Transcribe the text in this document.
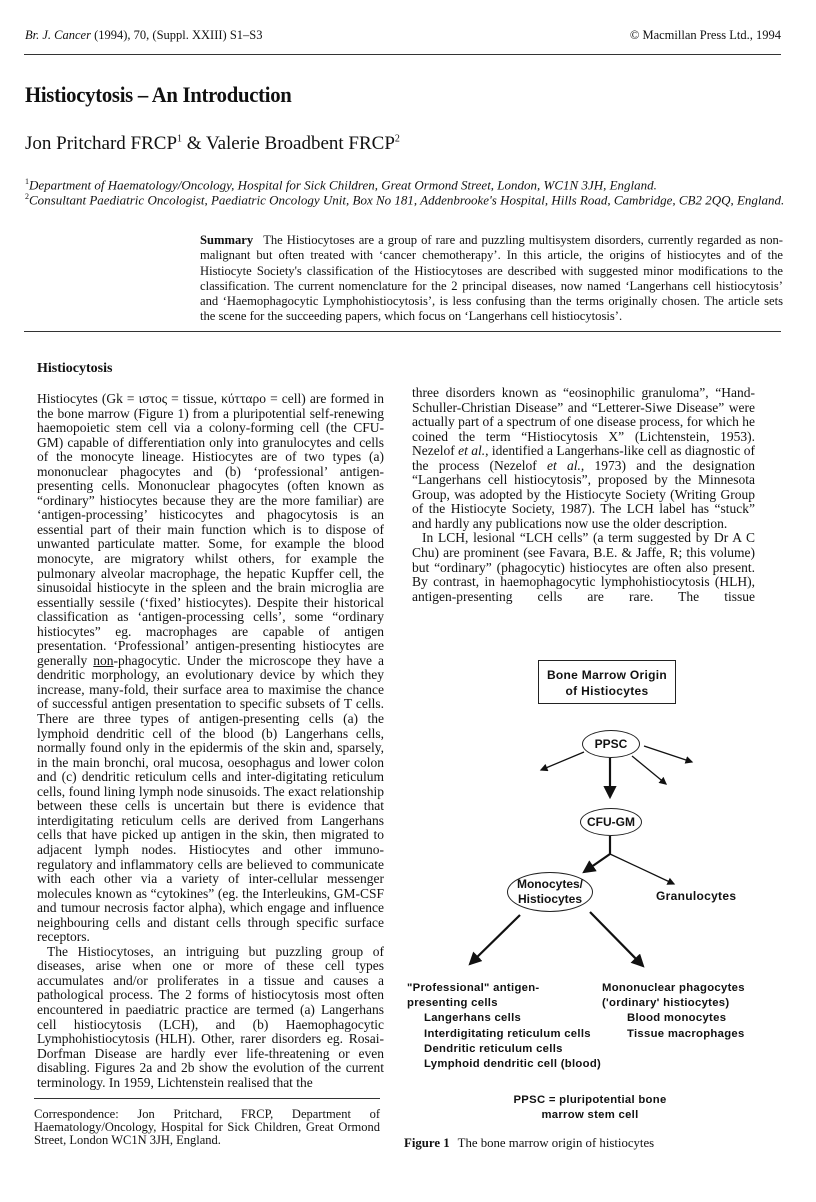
Br. J. Cancer (1994), 70, (Suppl. XXIII) S1–S3	© Macmillan Press Ltd., 1994
Histiocytosis – An Introduction
Jon Pritchard FRCP$^1$ & Valerie Broadbent FRCP$^2$
$^1$Department of Haematology/Oncology, Hospital for Sick Children, Great Ormond Street, London, WC1N 3JH, England.
$^2$Consultant Paediatric Oncologist, Paediatric Oncology Unit, Box No 181, Addenbrooke's Hospital, Hills Road, Cambridge, CB2 2QQ, England.
Summary The Histiocytoses are a group of rare and puzzling multisystem disorders, currently regarded as non-malignant but often treated with ‘cancer chemotherapy’. In this article, the origins of histiocytes and of the Histiocyte Society's classification of the Histiocytoses are described with suggested minor modifications to the classification. The current nomenclature for the 2 principal diseases, now named ‘Langerhans cell histiocytosis’ and ‘Haemophagocytic Lymphohistiocytosis’, is less confusing than the terms originally chosen. The article sets the scene for the succeeding papers, which focus on ‘Langerhans cell histiocytosis’.
Histiocytosis

Histiocytes (Gk = ιστος = tissue, κύτταρο = cell) are formed in the bone marrow (Figure 1) from a pluripotential self-renewing haemopoietic stem cell via a colony-forming cell (the CFU-GM) capable of differentiation only into granulocytes and cells of the monocyte lineage. Histiocytes are of two types (a) mononuclear phagocytes and (b) ‘professional’ antigen-presenting cells. Mononuclear phagocytes (often known as “ordinary” histiocytes because they are the more familiar) are ‘antigen-processing’ histicocytes and phagocytosis is an essential part of their main function which is to dispose of unwanted particulate matter. Some, for example the blood monocyte, are migratory whilst others, for example the pulmonary alveolar macrophage, the hepatic Kupffer cell, the sinusoidal histiocyte in the spleen and the brain microglia are essentially sessile (‘fixed’ histiocytes). Despite their historical classification as ‘antigen-processing cells’, some “ordinary histiocytes” eg. macrophages are capable of antigen presentation. ‘Professional’ antigen-presenting histiocytes are generally non-phagocytic. Under the microscope they have a dendritic morphology, an evolutionary device by which they increase, many-fold, their surface area to maximise the chance of successful antigen presentation to specific subsets of T cells. There are three types of antigen-presenting cells (a) the lymphoid dendritic cell of the blood (b) Langerhans cells, normally found only in the epidermis of the skin and, sparsely, in the main bronchi, oral mucosa, oesophagus and lower colon and (c) dendritic reticulum cells and inter-digitating reticulum cells, found lining lymph node sinusoids. The exact relationship between these cells is uncertain but there is evidence that interdigitating reticulum cells are derived from Langerhans cells that have picked up antigen in the skin, then migrated to adjacent lymph nodes. Histiocytes and other immuno-regulatory and inflammatory cells are believed to communicate with each other via a variety of inter-cellular messenger molecules known as “cytokines” (eg. the Interleukins, GM-CSF and tumour necrosis factor alpha), which engage and influence neighbouring cells and distant cells through specific surface receptors.

The Histiocytoses, an intriguing but puzzling group of diseases, arise when one or more of these cell types accumulates and/or proliferates in a tissue and causes a pathological process. The 2 forms of histiocytosis most often encountered in paediatric practice are termed (a) Langerhans cell histiocytosis (LCH), and (b) Haemophagocytic Lymphohistiocytosis (HLH). Other, rarer disorders eg. Rosai-Dorfman Disease are hardly ever life-threatening or even disabling. Figures 2a and 2b show the evolution of the current terminology. In 1959, Lichtenstein realised that the

Correspondence: Jon Pritchard, FRCP, Department of Haematology/Oncology, Hospital for Sick Children, Great Ormond Street, London WC1N 3JH, England.

three disorders known as “eosinophilic granuloma”, “Hand-Schuller-Christian Disease” and “Letterer-Siwe Disease” were actually part of a spectrum of one disease process, for which he coined the term “Histiocytosis X” (Lichtenstein, 1953). Nezelof et al., identified a Langerhans-like cell as diagnostic of the process (Nezelof et al., 1973) and the designation “Langerhans cell histiocytosis”, proposed by the Minnesota Group, was adopted by the Histiocyte Society (Writing Group of the Histiocyte Society, 1987). The LCH label has “stuck” and hardly any publications now use the older description.

In LCH, lesional “LCH cells” (a term suggested by Dr A C Chu) are prominent (see Favara, B.E. & Jaffe, R; this volume) but “ordinary” (phagocytic) histiocytes are often also present. By contrast, in haemophagocytic lymphohistiocytosis (HLH), antigen-presenting cells are rare. The tissue

Bone Marrow Origin
of Histiocytes
PPSC
CFU-GM
Monocytes/
Histiocytes	Granulocytes
"Professional" antigen-
presenting cells
Langerhans cells
Interdigitating reticulum cells
Dendritic reticulum cells
Lymphoid dendritic cell (blood)
Mononuclear phagocytes
('ordinary' histiocytes)
Blood monocytes
Tissue macrophages
PPSC = pluripotential bone
marrow stem cell
Figure 1 The bone marrow origin of histiocytes
